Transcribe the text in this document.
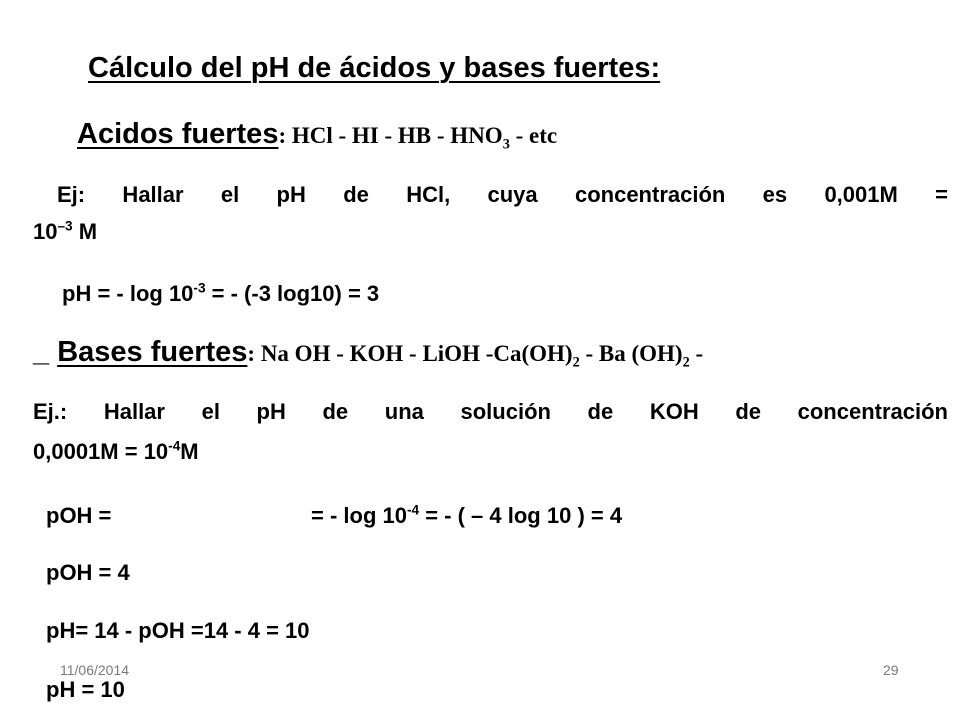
Cálculo del pH de ácidos y bases fuertes:
Acidos fuertes: HCl - HI - HB - $HNO_3$ - etc
Ej: Hallar el pH de HCl, cuya concentración es 0,001M =
$10^{-3}$ M
pH = - $\log 10^{-3}$ = - (-3 log10) = 3
_ Bases fuertes: Na OH - KOH - LiOH $-Ca(OH)_2$ - Ba $(OH)_2$ -
Ej.: Hallar el pH de una solución de KOH de concentración
$0,0001M = 10^{-4}M$
pOH =	= - $\log 10^{-4}$ = - ( – 4 log 10 ) = 4
pOH = 4
pH= 14 - pOH =14 - 4 = 10
pH = 10
11/06/2014	29
